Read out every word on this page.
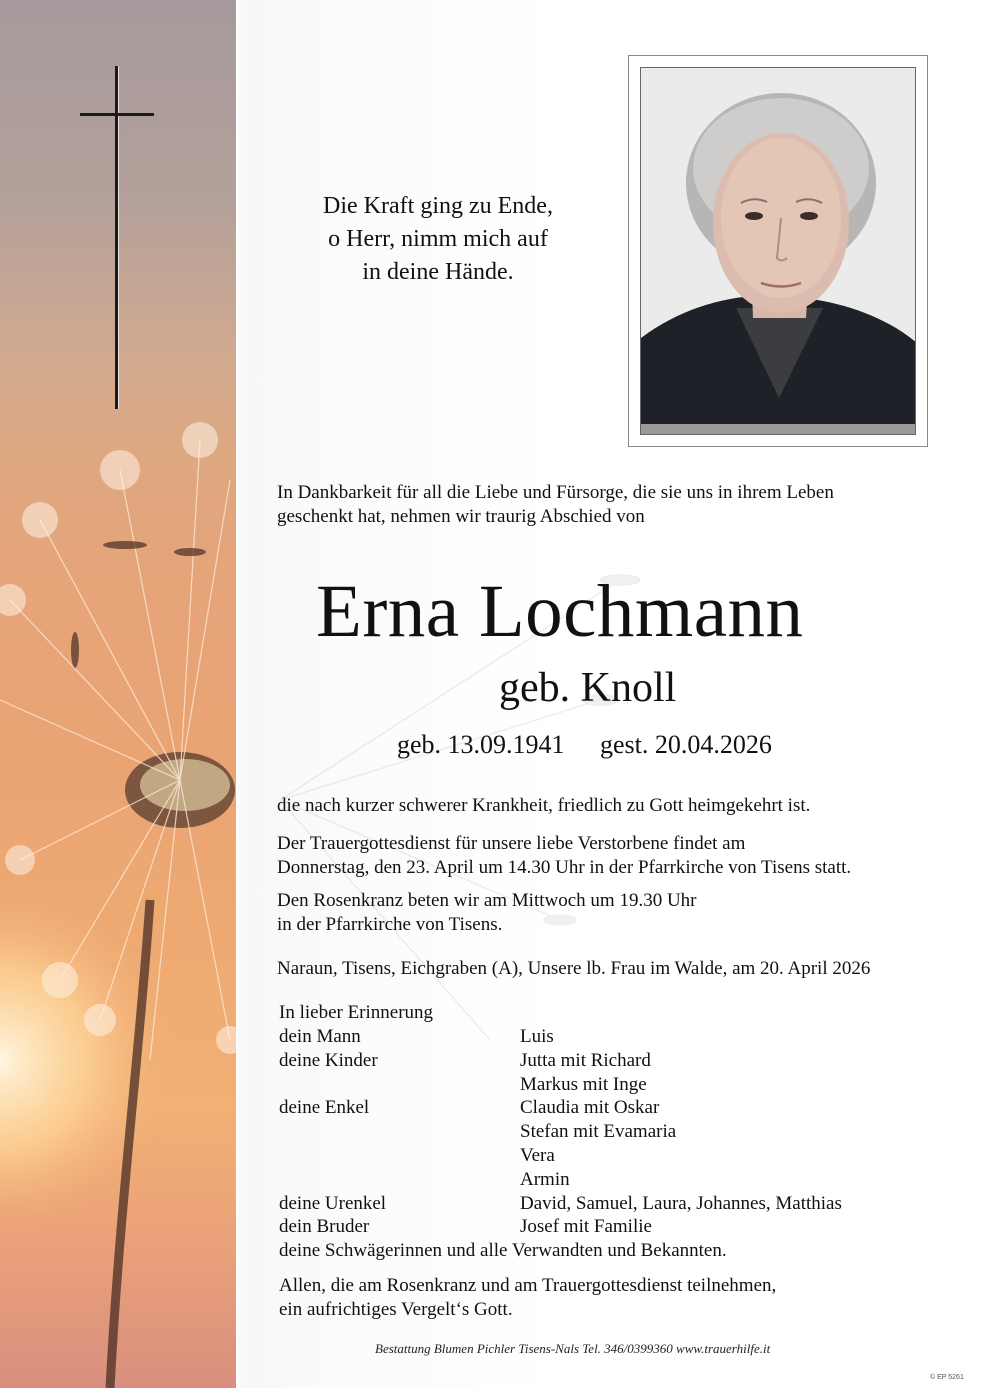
Die Kraft ging zu Ende,
o Herr, nimm mich auf
in deine Hände.
In Dankbarkeit für all die Liebe und Fürsorge, die sie uns in ihrem Leben
geschenkt hat, nehmen wir traurig Abschied von
Erna Lochmann
geb. Knoll
geb. 13.09.1941 gest. 20.04.2026
die nach kurzer schwerer Krankheit, friedlich zu Gott heimgekehrt ist.
Der Trauergottesdienst für unsere liebe Verstorbene findet am
Donnerstag, den 23. April um 14.30 Uhr in der Pfarrkirche von Tisens statt.
Den Rosenkranz beten wir am Mittwoch um 19.30 Uhr
in der Pfarrkirche von Tisens.
Naraun, Tisens, Eichgraben (A), Unsere lb. Frau im Walde, am 20. April 2026
In lieber Erinnerung
dein Mann	Luis
deine Kinder	Jutta mit Richard
Markus mit Inge
deine Enkel	Claudia mit Oskar
Stefan mit Evamaria
Vera
Armin
deine Urenkel	David, Samuel, Laura, Johannes, Matthias
dein Bruder	Josef mit Familie
deine Schwägerinnen und alle Verwandten und Bekannten.
Allen, die am Rosenkranz und am Trauergottesdienst teilnehmen,
ein aufrichtiges Vergelt‘s Gott.
Bestattung Blumen Pichler Tisens-Nals Tel. 346/0399360 www.trauerhilfe.it
© EP 5261
